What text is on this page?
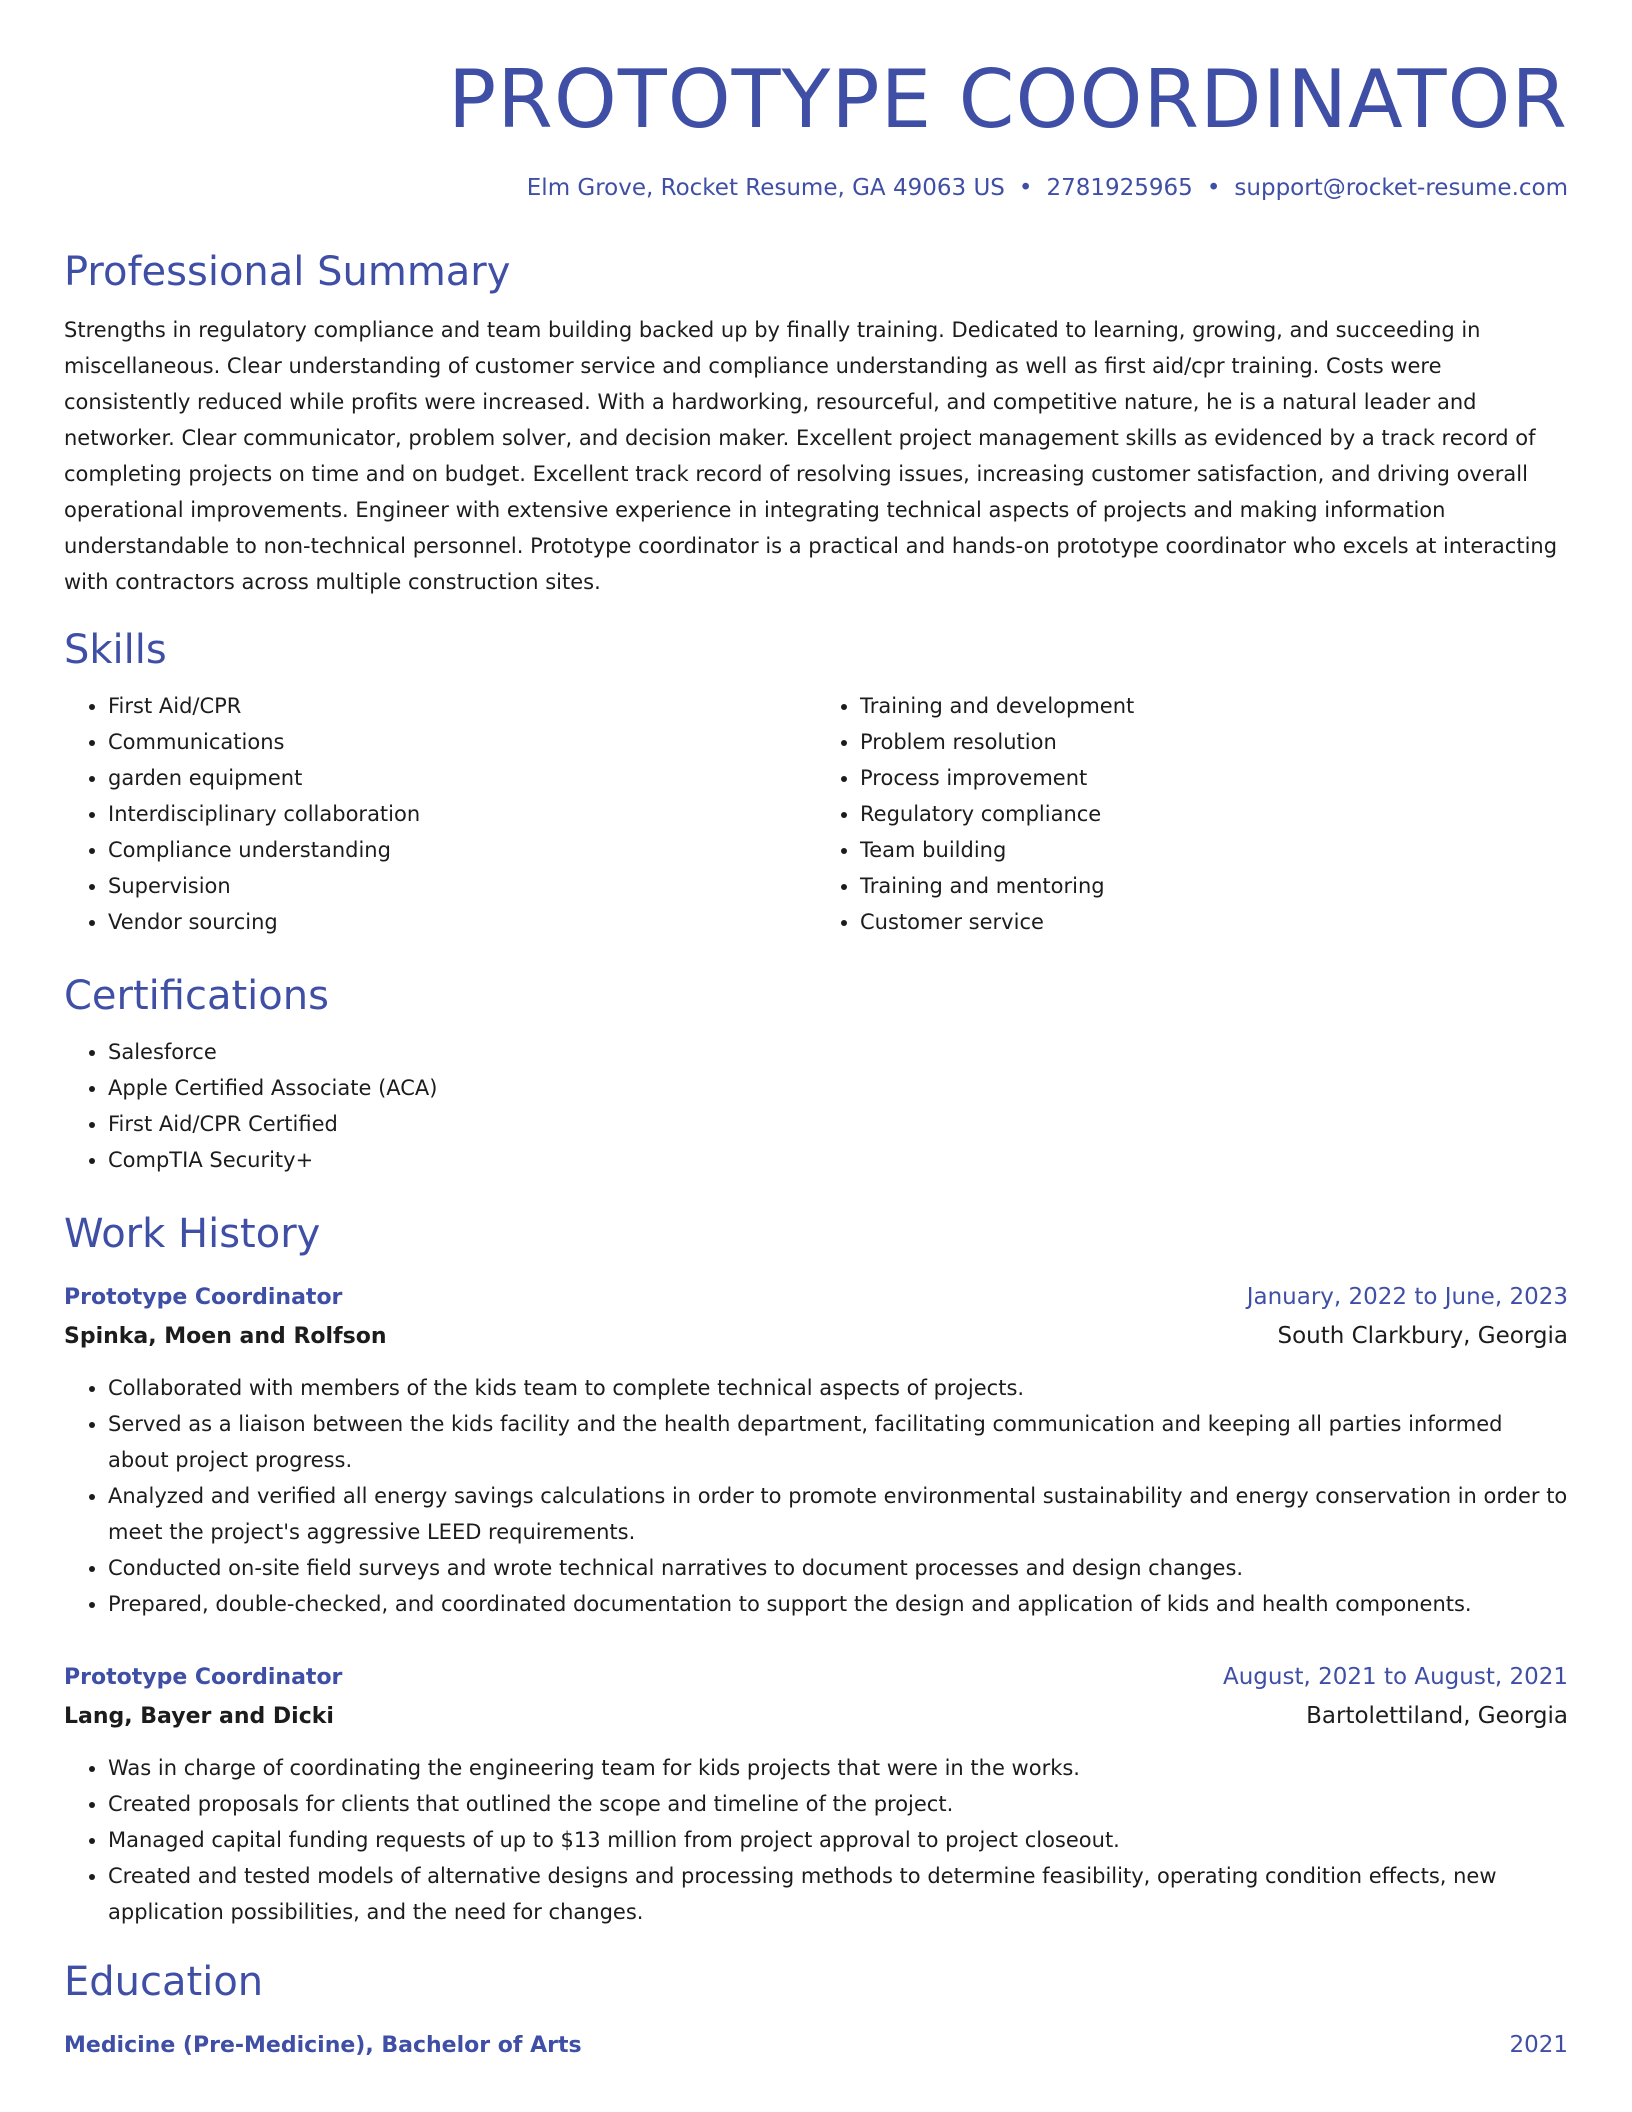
PROTOTYPE COORDINATOR
Elm Grove, Rocket Resume, GA 49063 US • 2781925965 • support@rocket-resume.com
Professional Summary
Strengths in regulatory compliance and team building backed up by finally training. Dedicated to learning, growing, and succeeding in miscellaneous. Clear understanding of customer service and compliance understanding as well as first aid/cpr training. Costs were consistently reduced while profits were increased. With a hardworking, resourceful, and competitive nature, he is a natural leader and networker. Clear communicator, problem solver, and decision maker. Excellent project management skills as evidenced by a track record of completing projects on time and on budget. Excellent track record of resolving issues, increasing customer satisfaction, and driving overall operational improvements. Engineer with extensive experience in integrating technical aspects of projects and making information understandable to non-technical personnel. Prototype coordinator is a practical and hands-on prototype coordinator who excels at interacting with contractors across multiple construction sites.
Skills
• First Aid/CPR
• Communications
• garden equipment
• Interdisciplinary collaboration
• Compliance understanding
• Supervision
• Vendor sourcing
• Training and development
• Problem resolution
• Process improvement
• Regulatory compliance
• Team building
• Training and mentoring
• Customer service
Certifications
• Salesforce
• Apple Certified Associate (ACA)
• First Aid/CPR Certified
• CompTIA Security+
Work History
Prototype Coordinator	January, 2022 to June, 2023
Spinka, Moen and Rolfson	South Clarkbury, Georgia
• Collaborated with members of the kids team to complete technical aspects of projects.
• Served as a liaison between the kids facility and the health department, facilitating communication and keeping all parties informed about project progress.
• Analyzed and verified all energy savings calculations in order to promote environmental sustainability and energy conservation in order to meet the project's aggressive LEED requirements.
• Conducted on-site field surveys and wrote technical narratives to document processes and design changes.
• Prepared, double-checked, and coordinated documentation to support the design and application of kids and health components.
Prototype Coordinator	August, 2021 to August, 2021
Lang, Bayer and Dicki	Bartolettiland, Georgia
• Was in charge of coordinating the engineering team for kids projects that were in the works.
• Created proposals for clients that outlined the scope and timeline of the project.
• Managed capital funding requests of up to $13 million from project approval to project closeout.
• Created and tested models of alternative designs and processing methods to determine feasibility, operating condition effects, new application possibilities, and the need for changes.
Education
Medicine (Pre-Medicine), Bachelor of Arts	2021
